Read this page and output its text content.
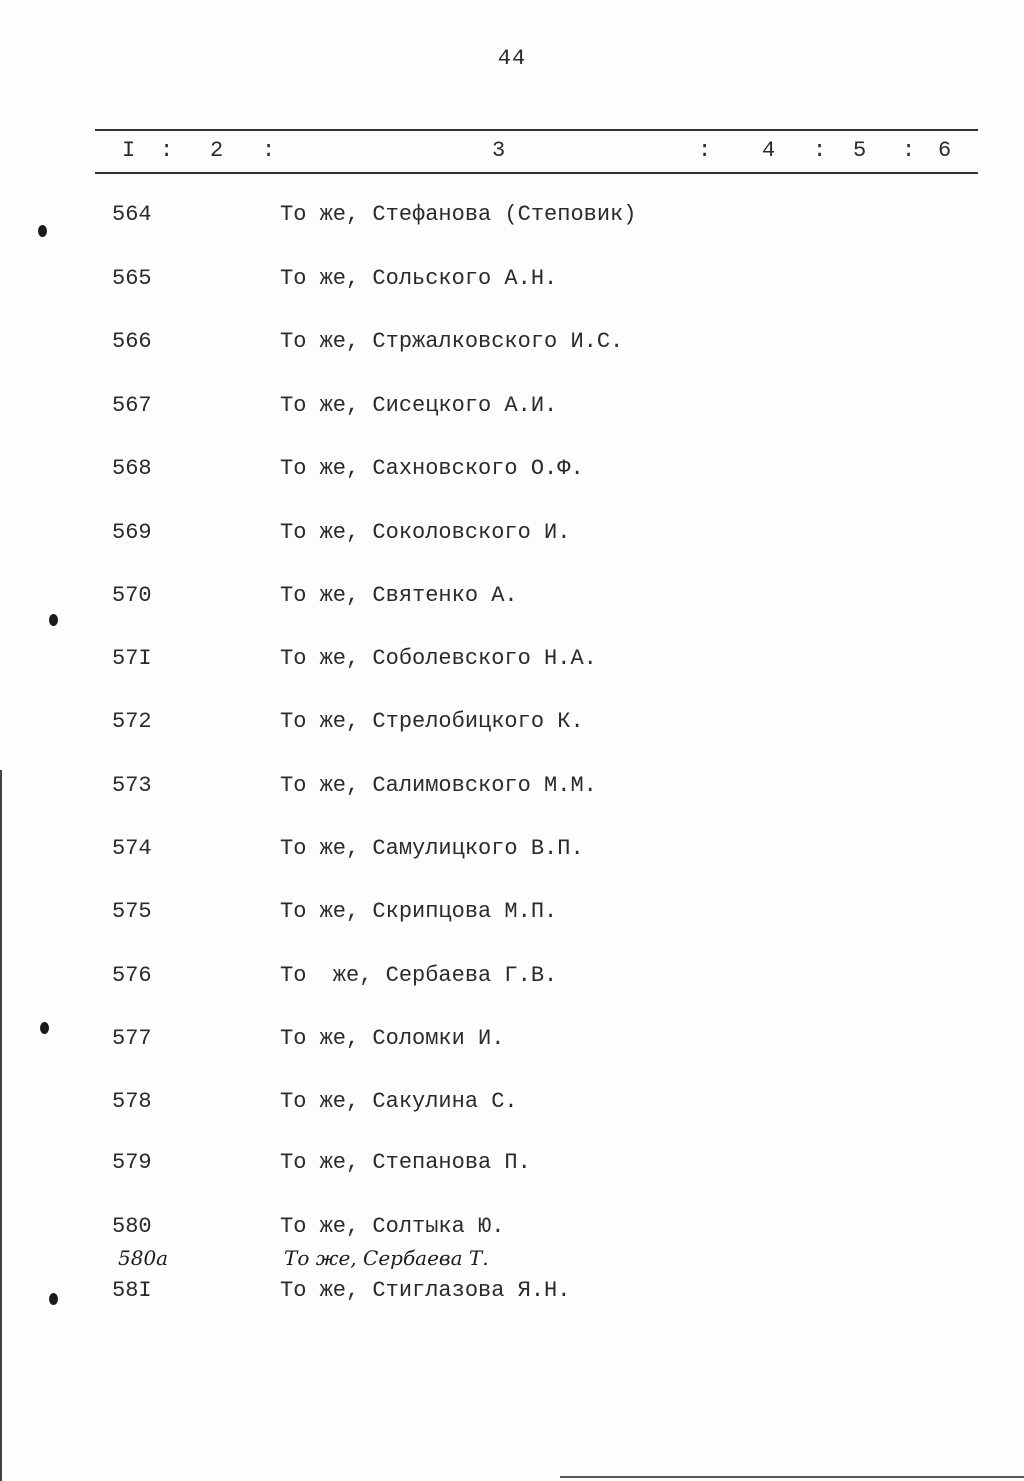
44
I : 2 :	3	: 4 : 5 : 6
564	То же, Стефанова (Степовик)
565	То же, Сольского А.Н.
566	То же, Стржалковского И.С.
567	То же, Сисецкого А.И.
568	То же, Сахновского О.Ф.
569	То же, Соколовского И.
570	То же, Святенко А.
57I	То же, Соболевского Н.А.
572	То же, Стрелобицкого К.
573	То же, Салимовского М.М.
574	То же, Самулицкого В.П.
575	То же, Скрипцова М.П.
576	То  же, Сербаева Г.В.
577	То же, Соломки И.
578	То же, Сакулина С.
579	То же, Степанова П.
580	То же, Солтыка Ю.
580а	То же, Сербаева Т.
58I	То же, Стиглазова Я.Н.
